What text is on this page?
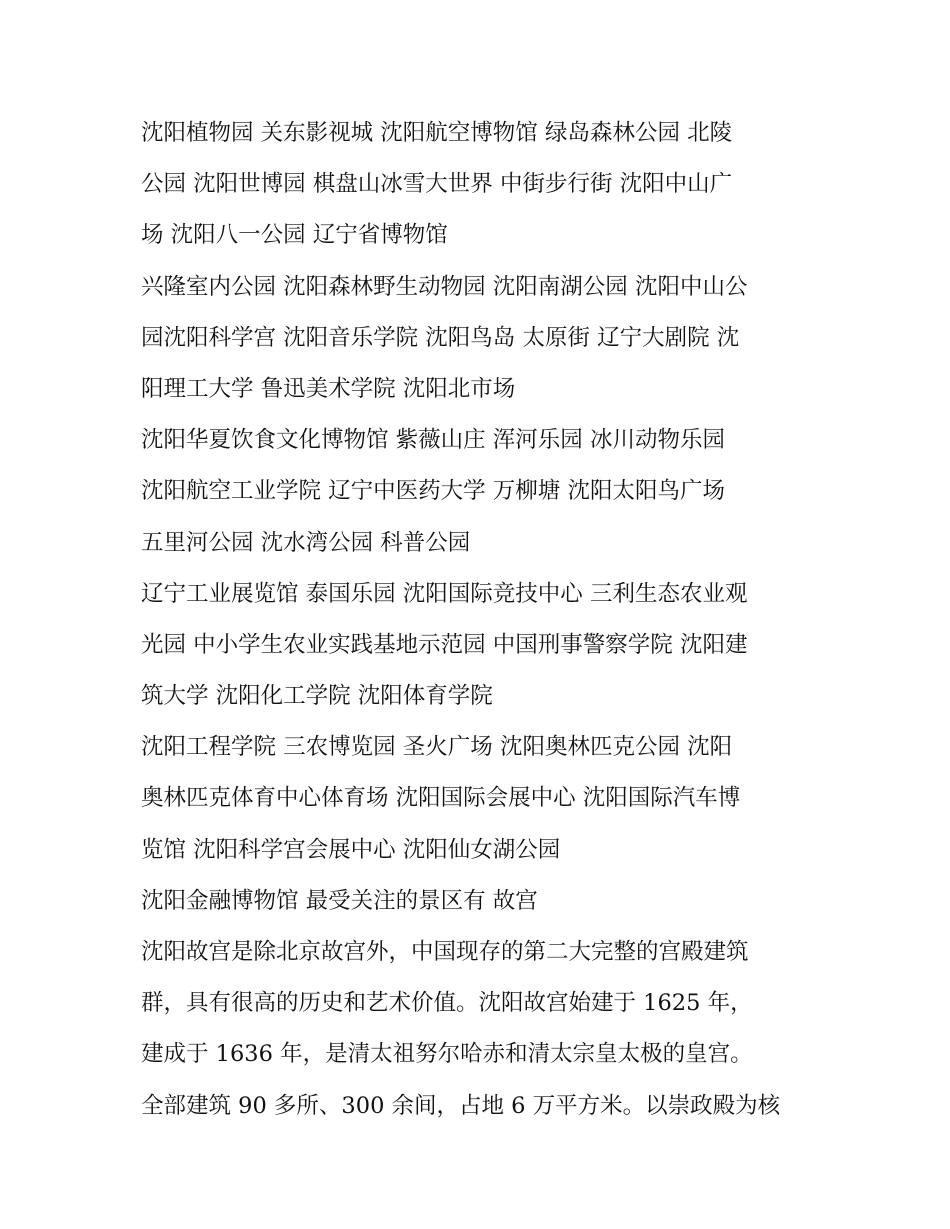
沈阳植物园 关东影视城 沈阳航空博物馆 绿岛森林公园 北陵
公园 沈阳世博园 棋盘山冰雪大世界 中街步行街 沈阳中山广
场 沈阳八一公园 辽宁省博物馆
兴隆室内公园 沈阳森林野生动物园 沈阳南湖公园 沈阳中山公
园沈阳科学宫 沈阳音乐学院 沈阳鸟岛 太原街 辽宁大剧院 沈
阳理工大学 鲁迅美术学院 沈阳北市场
沈阳华夏饮食文化博物馆 紫薇山庄 浑河乐园 冰川动物乐园
沈阳航空工业学院 辽宁中医药大学 万柳塘 沈阳太阳鸟广场
五里河公园 沈水湾公园 科普公园
辽宁工业展览馆 泰国乐园 沈阳国际竞技中心 三利生态农业观
光园 中小学生农业实践基地示范园 中国刑事警察学院 沈阳建
筑大学 沈阳化工学院 沈阳体育学院
沈阳工程学院 三农博览园 圣火广场 沈阳奥林匹克公园 沈阳
奥林匹克体育中心体育场 沈阳国际会展中心 沈阳国际汽车博
览馆 沈阳科学宫会展中心 沈阳仙女湖公园
沈阳金融博物馆 最受关注的景区有 故宫
沈阳故宫是除北京故宫外，中国现存的第二大完整的宫殿建筑
群，具有很高的历史和艺术价值。沈阳故宫始建于 1625 年，
建成于 1636 年，是清太祖努尔哈赤和清太宗皇太极的皇宫。
全部建筑 90 多所、300 余间，占地 6 万平方米。以崇政殿为核
